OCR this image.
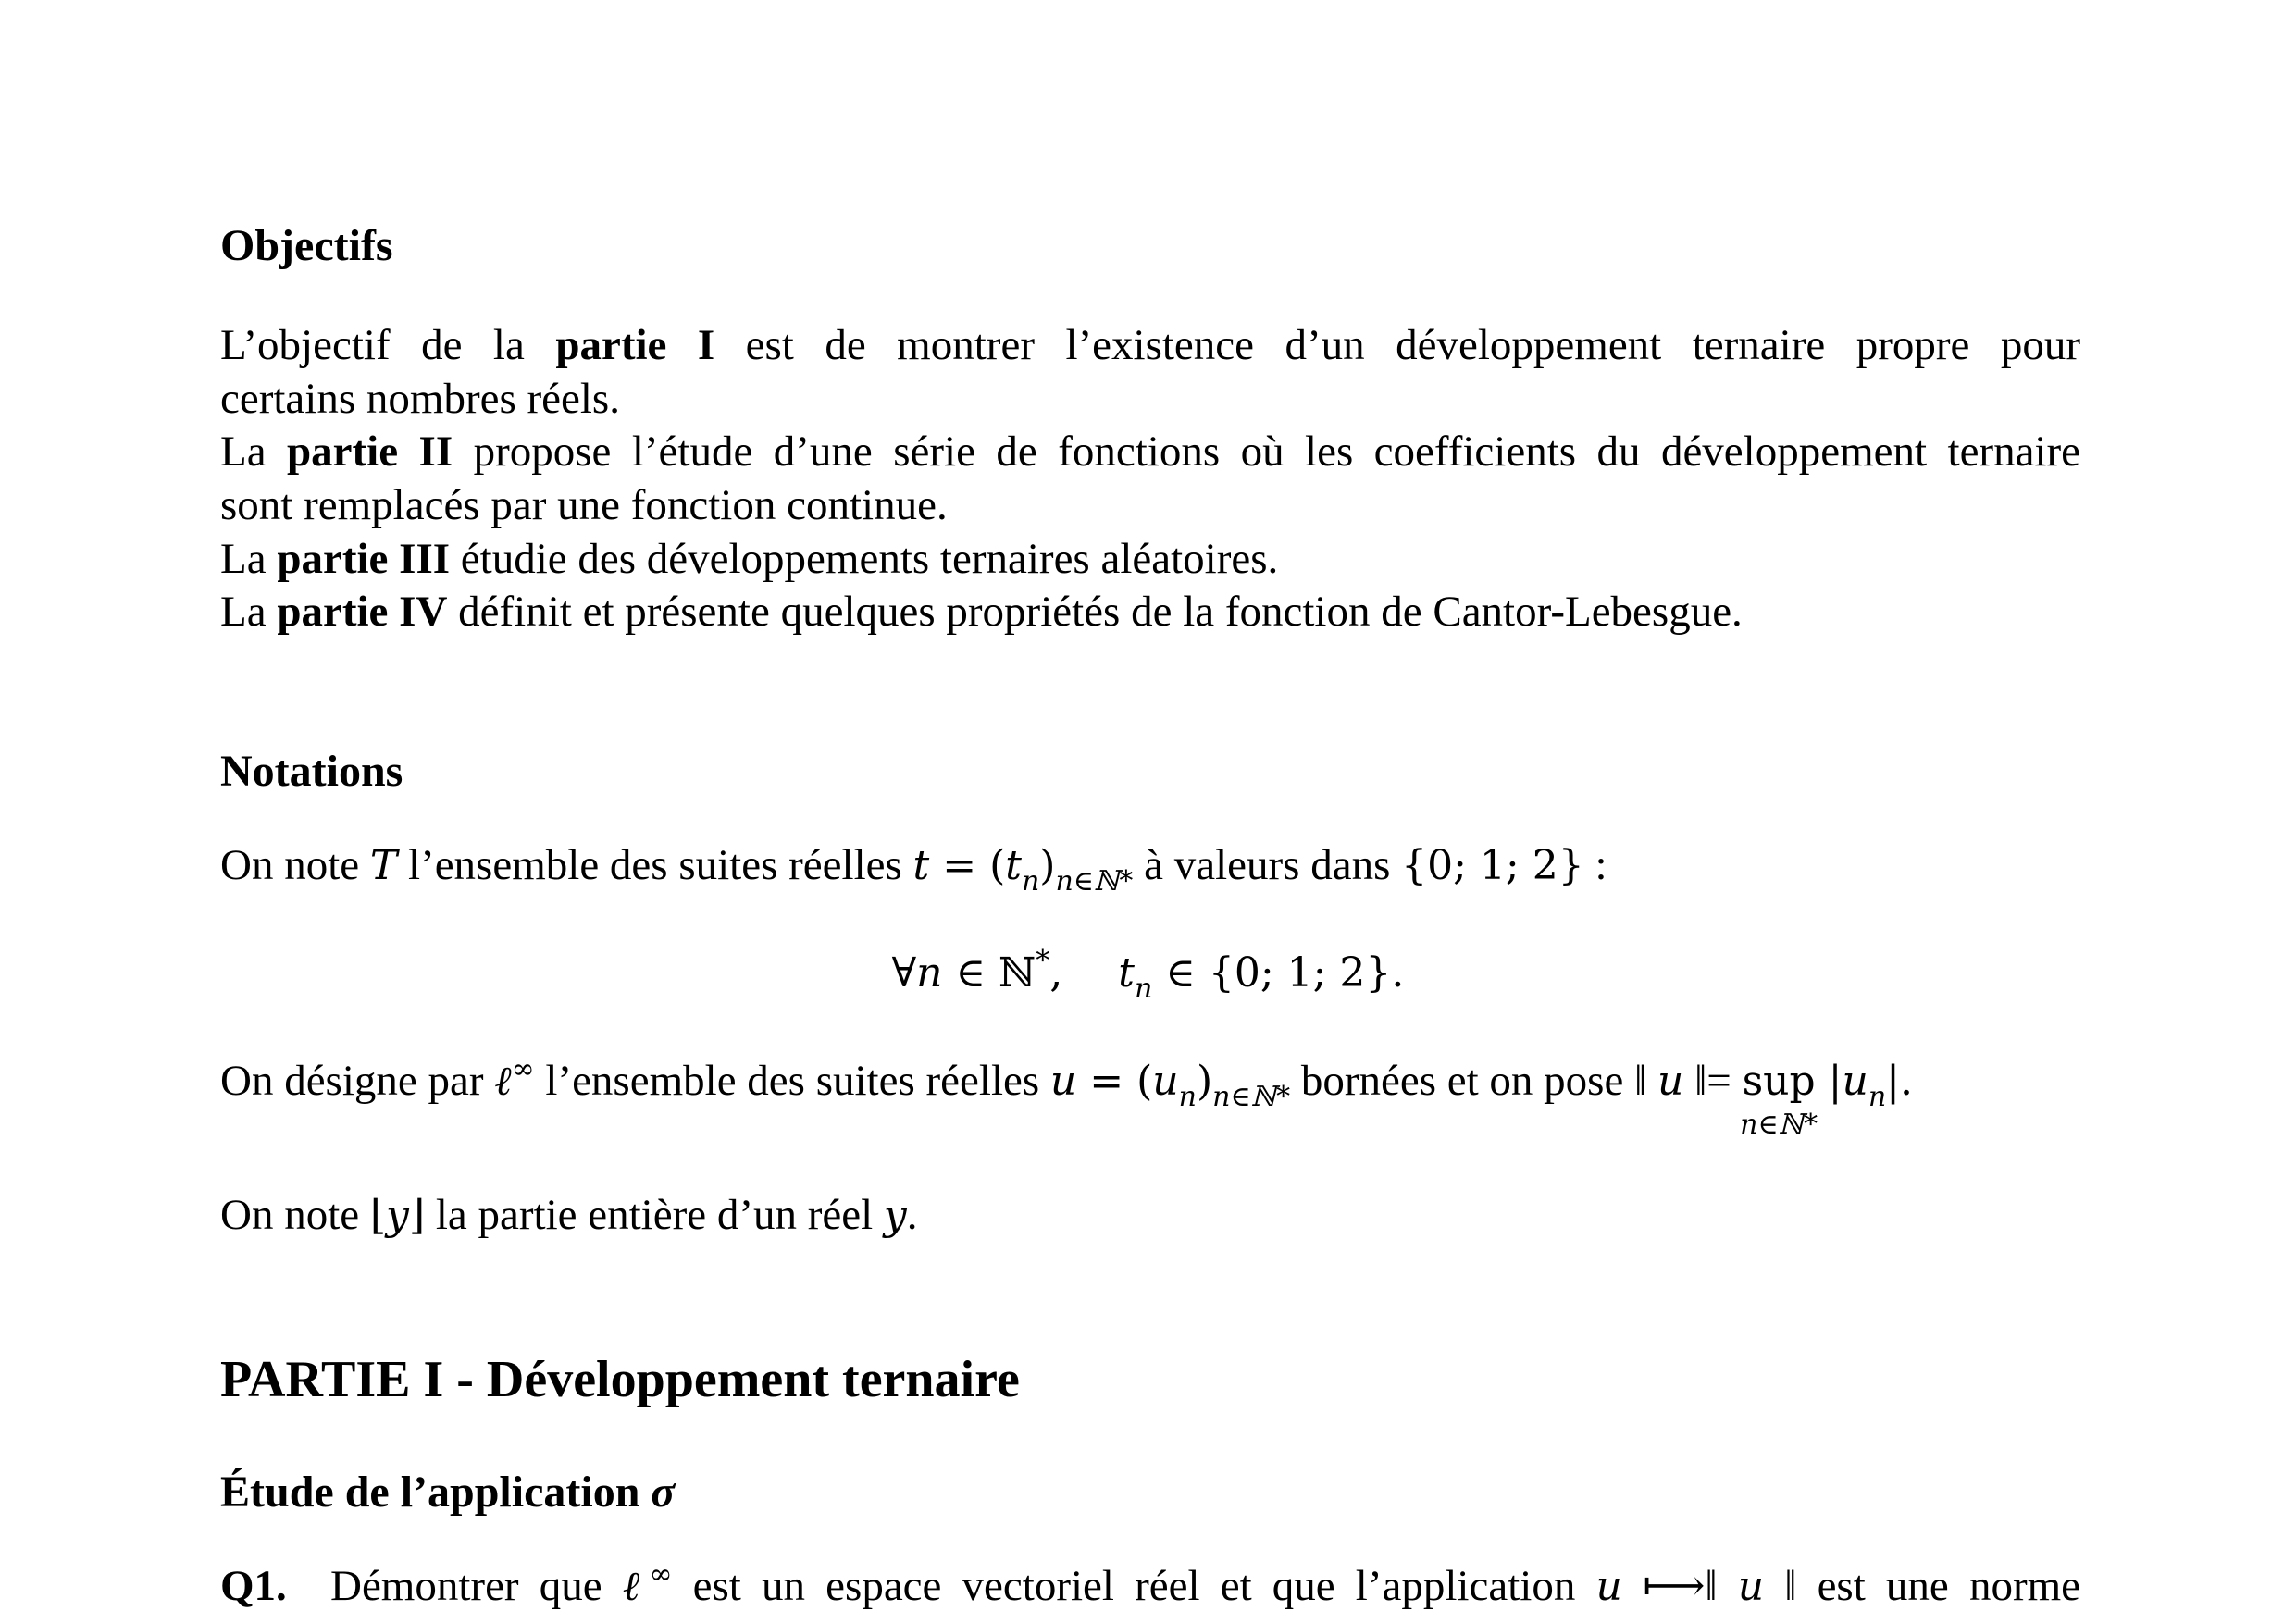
Objectifs
L’objectif de la partie I est de montrer l’existence d’un développement ternaire propre pour
certains nombres réels.
La partie II propose l’étude d’une série de fonctions où les coefficients du développement ternaire
sont remplacés par une fonction continue.
La partie III étudie des développements ternaires aléatoires.
La partie IV définit et présente quelques propriétés de la fonction de Cantor-Lebesgue.
Notations
On note T l’ensemble des suites réelles $t = (t_n)_{n\in ℕ*}$ à valeurs dans {0; 1; 2} :
∀n ∈ ℕ*, $t_n$ ∈ {0; 1; 2}.
On désigne par ℓ∞ l’ensemble des suites réelles $u = (u_n)_{n\in ℕ*}$ bornées et on pose ‖ u ‖= sup
n∈ℕ*
$|u_n|$.
On note ⌊y⌋ la partie entière d’un réel y.
PARTIE I - Développement ternaire
Étude de l’application σ
Q1. Démontrer que ℓ∞ est un espace vectoriel réel et que l’application u ⟼‖ u ‖ est une norme
